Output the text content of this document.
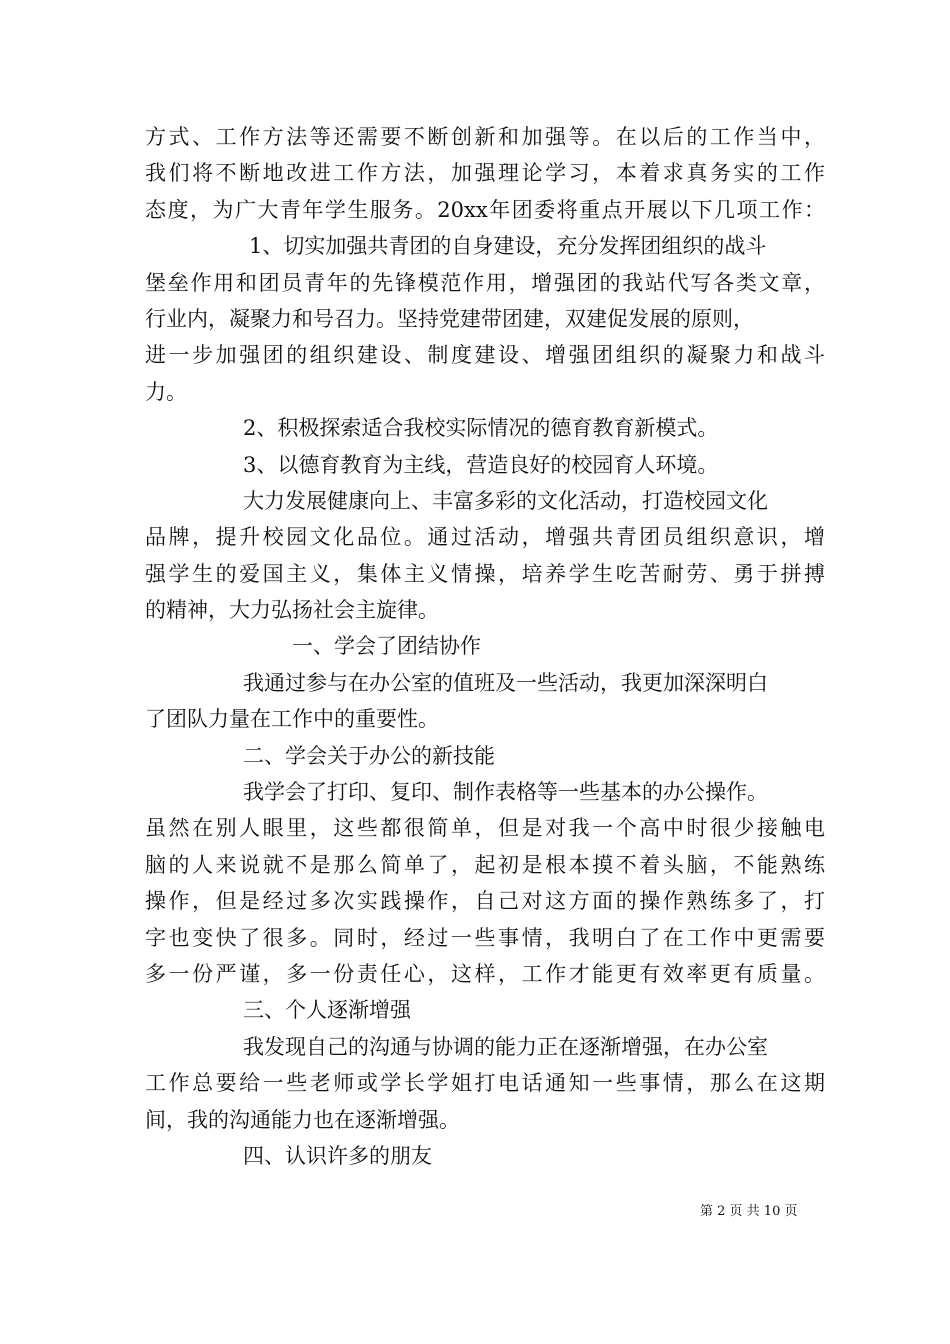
方式、工作方法等还需要不断创新和加强等。在以后的工作当中，
我们将不断地改进工作方法，加强理论学习，本着求真务实的工作
态度，为广大青年学生服务。20xx年团委将重点开展以下几项工作：
1、切实加强共青团的自身建设，充分发挥团组织的战斗
堡垒作用和团员青年的先锋模范作用，增强团的我站代写各类文章，
行业内，凝聚力和号召力。坚持党建带团建，双建促发展的原则，
进一步加强团的组织建设、制度建设、增强团组织的凝聚力和战斗
力。
2、积极探索适合我校实际情况的德育教育新模式。
3、以德育教育为主线，营造良好的校园育人环境。
大力发展健康向上、丰富多彩的文化活动，打造校园文化
品牌，提升校园文化品位。通过活动，增强共青团员组织意识，增
强学生的爱国主义，集体主义情操，培养学生吃苦耐劳、勇于拼搏
的精神，大力弘扬社会主旋律。
一、学会了团结协作
我通过参与在办公室的值班及一些活动，我更加深深明白
了团队力量在工作中的重要性。
二、学会关于办公的新技能
我学会了打印、复印、制作表格等一些基本的办公操作。
虽然在别人眼里，这些都很简单，但是对我一个高中时很少接触电
脑的人来说就不是那么简单了，起初是根本摸不着头脑，不能熟练
操作，但是经过多次实践操作，自己对这方面的操作熟练多了，打
字也变快了很多。同时，经过一些事情，我明白了在工作中更需要
多一份严谨，多一份责任心，这样，工作才能更有效率更有质量。
三、个人逐渐增强
我发现自己的沟通与协调的能力正在逐渐增强，在办公室
工作总要给一些老师或学长学姐打电话通知一些事情，那么在这期
间，我的沟通能力也在逐渐增强。
四、认识许多的朋友
第 2 页 共 10 页
